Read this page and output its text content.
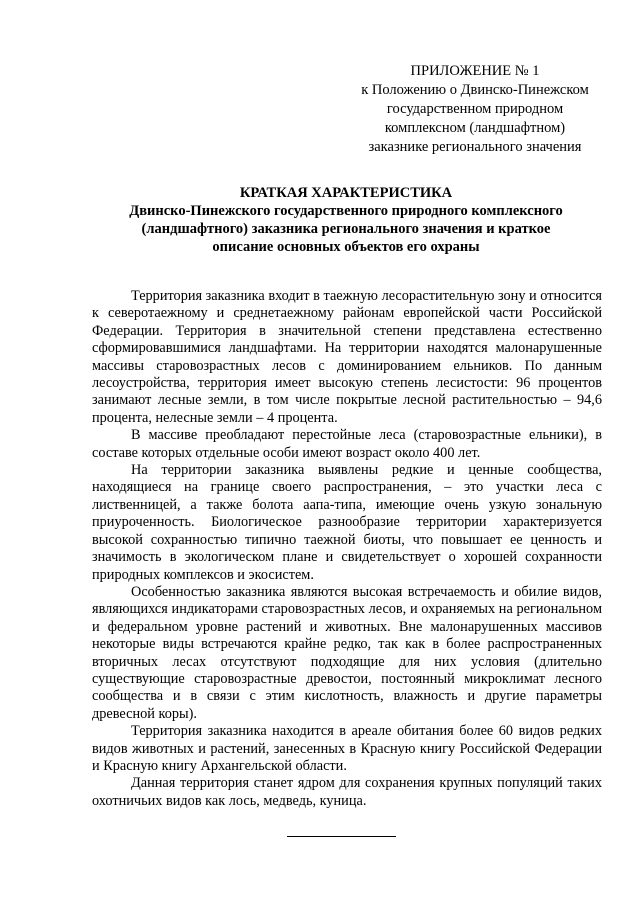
ПРИЛОЖЕНИЕ № 1
к Положению о Двинско-Пинежском
государственном природном
комплексном (ландшафтном)
заказнике регионального значения
КРАТКАЯ ХАРАКТЕРИСТИКА
Двинско-Пинежского государственного природного комплексного
(ландшафтного) заказника регионального значения и краткое
описание основных объектов его охраны

Территория заказника входит в таежную лесорастительную зону и относится к северотаежному и среднетаежному районам европейской части Российской Федерации. Территория в значительной степени представлена естественно сформировавшимися ландшафтами. На территории находятся малонарушенные массивы старовозрастных лесов с доминированием ельников. По данным лесоустройства, территория имеет высокую степень лесистости: 96 процентов занимают лесные земли, в том числе покрытые лесной растительностью – 94,6 процента, нелесные земли – 4 процента.

В массиве преобладают перестойные леса (старовозрастные ельники), в составе которых отдельные особи имеют возраст около 400 лет.

На территории заказника выявлены редкие и ценные сообщества, находящиеся на границе своего распространения, – это участки леса с лиственницей, а также болота аапа-типа, имеющие очень узкую зональную приуроченность. Биологическое разнообразие территории характеризуется высокой сохранностью типично таежной биоты, что повышает ее ценность и значимость в экологическом плане и свидетельствует о хорошей сохранности природных комплексов и экосистем.

Особенностью заказника являются высокая встречаемость и обилие видов, являющихся индикаторами старовозрастных лесов, и охраняемых на региональном и федеральном уровне растений и животных. Вне малонарушенных массивов некоторые виды встречаются крайне редко, так как в более распространенных вторичных лесах отсутствуют подходящие для них условия (длительно существующие старовозрастные древостои, постоянный микроклимат лесного сообщества и в связи с этим кислотность, влажность и другие параметры древесной коры).

Территория заказника находится в ареале обитания более 60 видов редких видов животных и растений, занесенных в Красную книгу Российской Федерации и Красную книгу Архангельской области.

Данная территория станет ядром для сохранения крупных популяций таких охотничьих видов как лось, медведь, куница.
